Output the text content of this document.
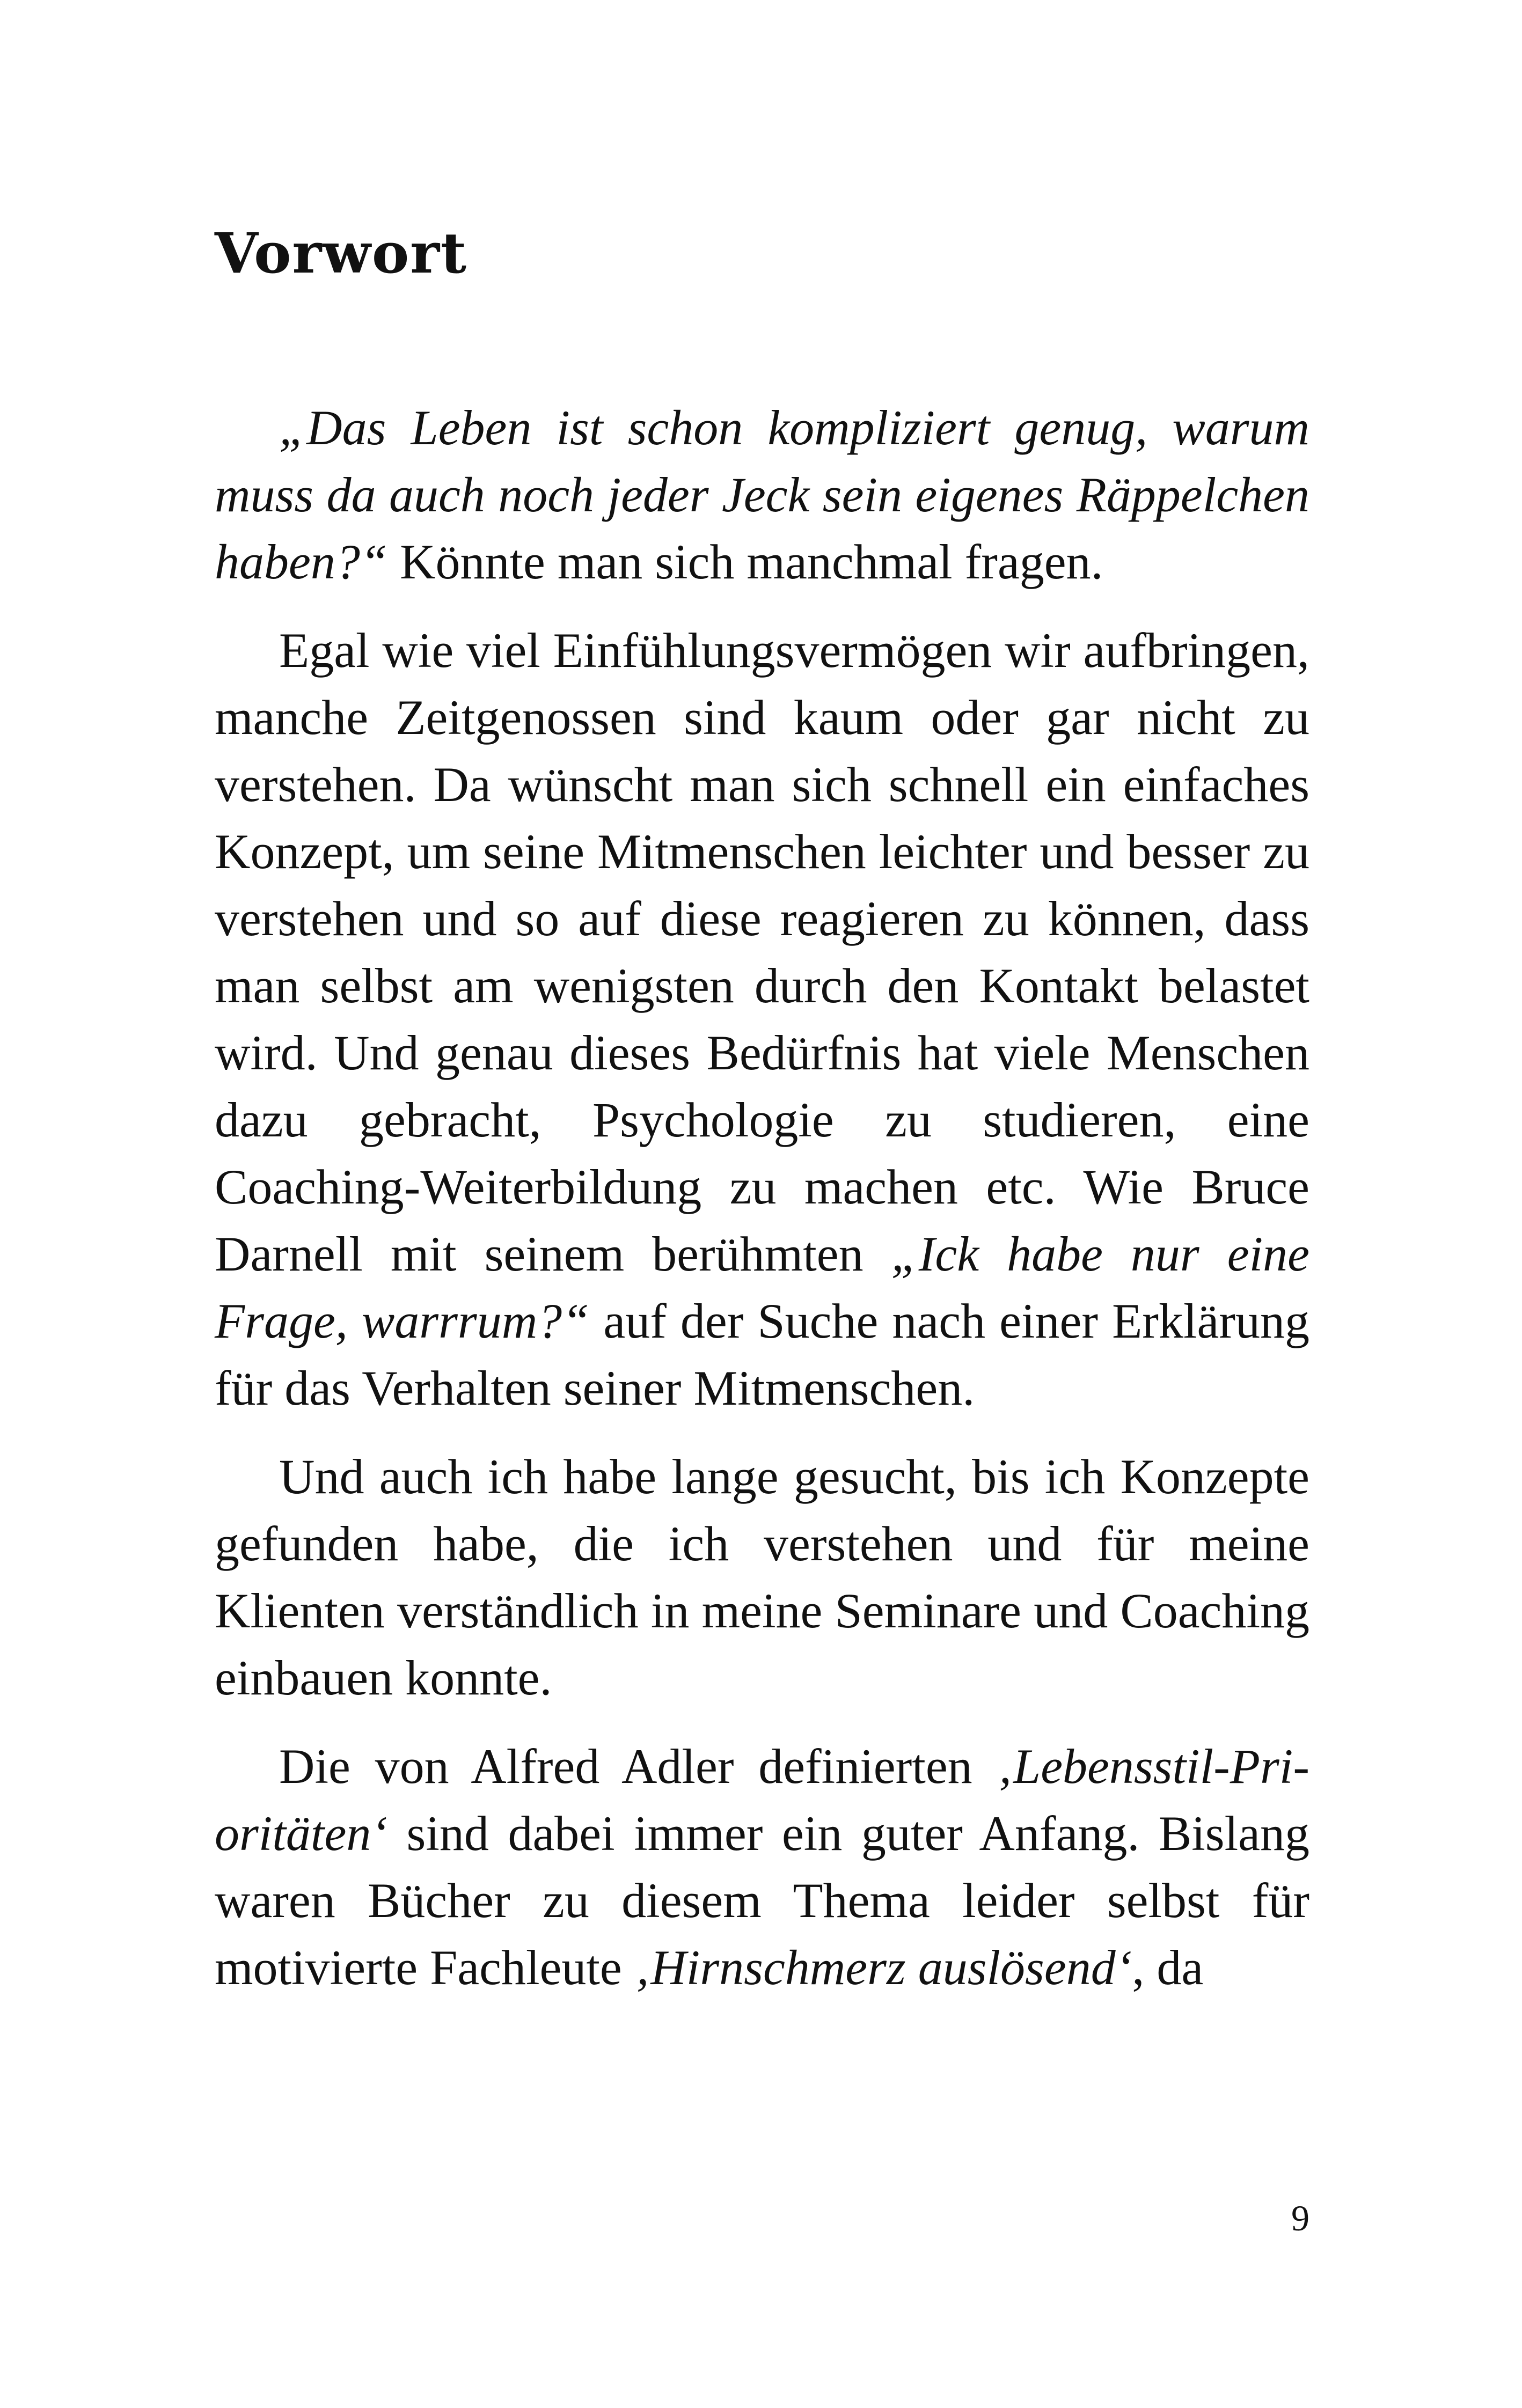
Vorwort

„Das Leben ist schon kompliziert genug, warum muss da auch noch jeder Jeck sein eigenes Räppelchen haben?“ Könnte man sich manchmal fragen.

Egal wie viel Einfühlungsvermögen wir aufbringen, manche Zeitgenossen sind kaum oder gar nicht zu verstehen. Da wünscht man sich schnell ein einfaches Konzept, um seine Mitmenschen leichter und besser zu verstehen und so auf diese reagieren zu können, dass man selbst am wenigsten durch den Kontakt belastet wird. Und genau dieses Bedürfnis hat viele Menschen dazu gebracht, Psychologie zu studieren, eine Coaching-Weiterbildung zu machen etc. Wie Bruce Darnell mit seinem berühmten „Ick habe nur eine Frage, warrrum?“ auf der Suche nach einer Erklärung für das Verhalten seiner Mitmenschen.

Und auch ich habe lange gesucht, bis ich Konzepte gefunden habe, die ich verstehen und für meine Klienten verständlich in meine Seminare und Coaching einbauen konnte.

Die von Alfred Adler definierten ‚Lebensstil-Prioritäten‘ sind dabei immer ein guter Anfang. Bislang waren Bücher zu diesem Thema leider selbst für motivierte Fachleute ‚Hirnschmerz auslösend‘, da

9
